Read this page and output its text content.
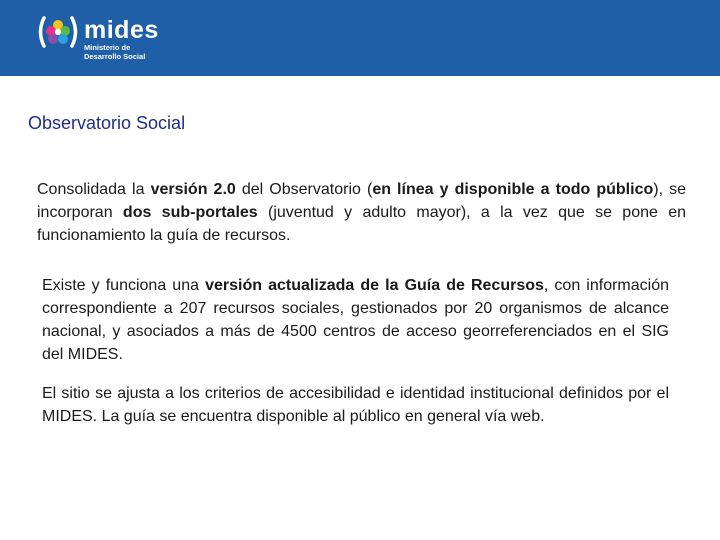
mides
Ministerio de
Desarrollo Social
Observatorio Social

Consolidada la versión 2.0 del Observatorio (en línea y disponible a todo público), se incorporan dos sub-portales (juventud y adulto mayor), a la vez que se pone en funcionamiento la guía de recursos.

Existe y funciona una versión actualizada de la Guía de Recursos, con información correspondiente a 207 recursos sociales, gestionados por 20 organismos de alcance nacional, y asociados a más de 4500 centros de acceso georreferenciados en el SIG del MIDES.

El sitio se ajusta a los criterios de accesibilidad e identidad institucional definidos por el MIDES. La guía se encuentra disponible al público en general vía web.
